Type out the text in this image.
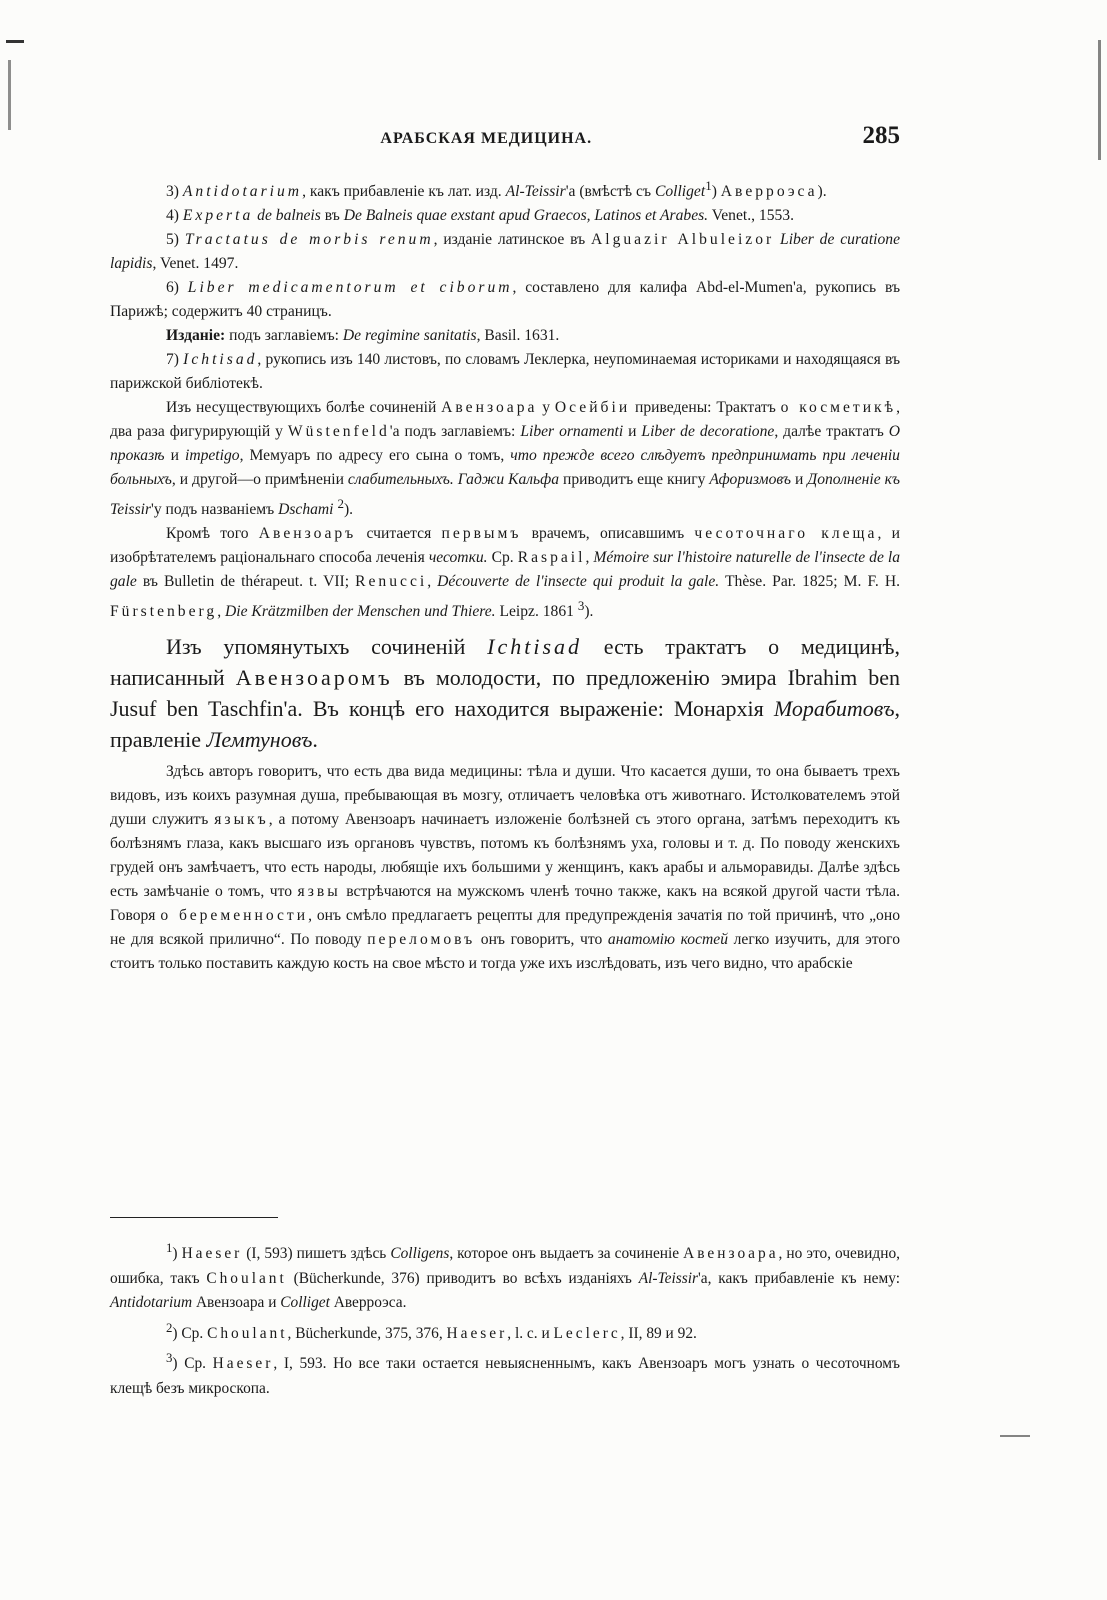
АРАБСКАЯ МЕДИЦИНА.	285

3) Antidotarium, какъ прибавленіе къ лат. изд. Al-Teissir'а (вмѣстѣ съ Colliget$^1$) Аверроэса).

4) Experta de balneis въ De Balneis quae exstant apud Graecos, Latinos et Arabes. Venet., 1553.

5) Tractatus de morbis renum, изданіе латинское въ Alguazir Albuleizor Liber de curatione lapidis, Venet. 1497.

6) Liber medicamentorum et ciborum, составлено для калифа Abd-el-Mumen'a, рукопись въ Парижѣ; содержитъ 40 страницъ.

Изданіе: подъ заглавіемъ: De regimine sanitatis, Basil. 1631.

7) Ichtisad, рукопись изъ 140 листовъ, по словамъ Леклерка, неупоминаемая историками и находящаяся въ парижской библіотекѣ.

Изъ несуществующихъ болѣе сочиненій Авензоара у Осейбіи приведены: Трактатъ о косметикѣ, два раза фигурирующій у Wüstenfeld'а подъ заглавіемъ: Liber ornamenti и Liber de decoratione, далѣе трактатъ О проказѣ и impetigo, Мемуаръ по адресу его сына о томъ, что прежде всего слѣдуетъ предпринимать при леченіи больныхъ, и другой—о примѣненіи слабительныхъ. Гаджи Кальфа приводитъ еще книгу Афоризмовъ и Дополненіе къ Teissir'у подъ названіемъ Dschami $^2$).

Кромѣ того Авензоаръ считается первымъ врачемъ, описавшимъ чесоточнаго клеща, и изобрѣтателемъ раціональнаго способа леченія чесотки. Ср. Raspail, Mémoire sur l'histoire naturelle de l'insecte de la gale въ Bulletin de thérapeut. t. VII; Renucci, Découverte de l'insecte qui produit la gale. Thèse. Par. 1825; M. F. H. Fürstenberg, Die Krätzmilben der Menschen und Thiere. Leipz. 1861 $^3$).

Изъ упомянутыхъ сочиненій Ichtisad есть трактатъ о медицинѣ, написанный Авензоаромъ въ молодости, по предложенію эмира Ibrahim ben Jusuf ben Taschfin'a. Въ концѣ его находится выраженіе: Монархія Морабитовъ, правленіе Лемтуновъ.

Здѣсь авторъ говоритъ, что есть два вида медицины: тѣла и души. Что касается души, то она бываетъ трехъ видовъ, изъ коихъ разумная душа, пребывающая въ мозгу, отличаетъ человѣка отъ животнаго. Истолкователемъ этой души служитъ языкъ, а потому Авензоаръ начинаетъ изложеніе болѣзней съ этого органа, затѣмъ переходитъ къ болѣзнямъ глаза, какъ высшаго изъ органовъ чувствъ, потомъ къ болѣзнямъ уха, головы и т. д. По поводу женскихъ грудей онъ замѣчаетъ, что есть народы, любящіе ихъ большими у женщинъ, какъ арабы и альморавиды. Далѣе здѣсь есть замѣчаніе о томъ, что язвы встрѣчаются на мужскомъ членѣ точно также, какъ на всякой другой части тѣла. Говоря о беременности, онъ смѣло предлагаетъ рецепты для предупрежденія зачатія по той причинѣ, что „оно не для всякой прилично“. По поводу переломовъ онъ говоритъ, что анатомію костей легко изучить, для этого стоитъ только поставить каждую кость на свое мѣсто и тогда уже ихъ изслѣдовать, изъ чего видно, что арабскіе

$^1$) Haeser (I, 593) пишетъ здѣсь Colligens, которое онъ выдаетъ за сочиненіе Авензоара, но это, очевидно, ошибка, такъ Choulant (Bücherkunde, 376) приводитъ во всѣхъ изданіяхъ Al-Teissir'а, какъ прибавленіе къ нему: Antidotarium Авензоара и Colliget Аверроэса.

$^2$) Ср. Choulant, Bücherkunde, 375, 376, Haeser, l. c. и Leclerc, II, 89 и 92.

$^3$) Ср. Haeser, I, 593. Но все таки остается невыясненнымъ, какъ Авензоаръ могъ узнать о чесоточномъ клещѣ безъ микроскопа.
